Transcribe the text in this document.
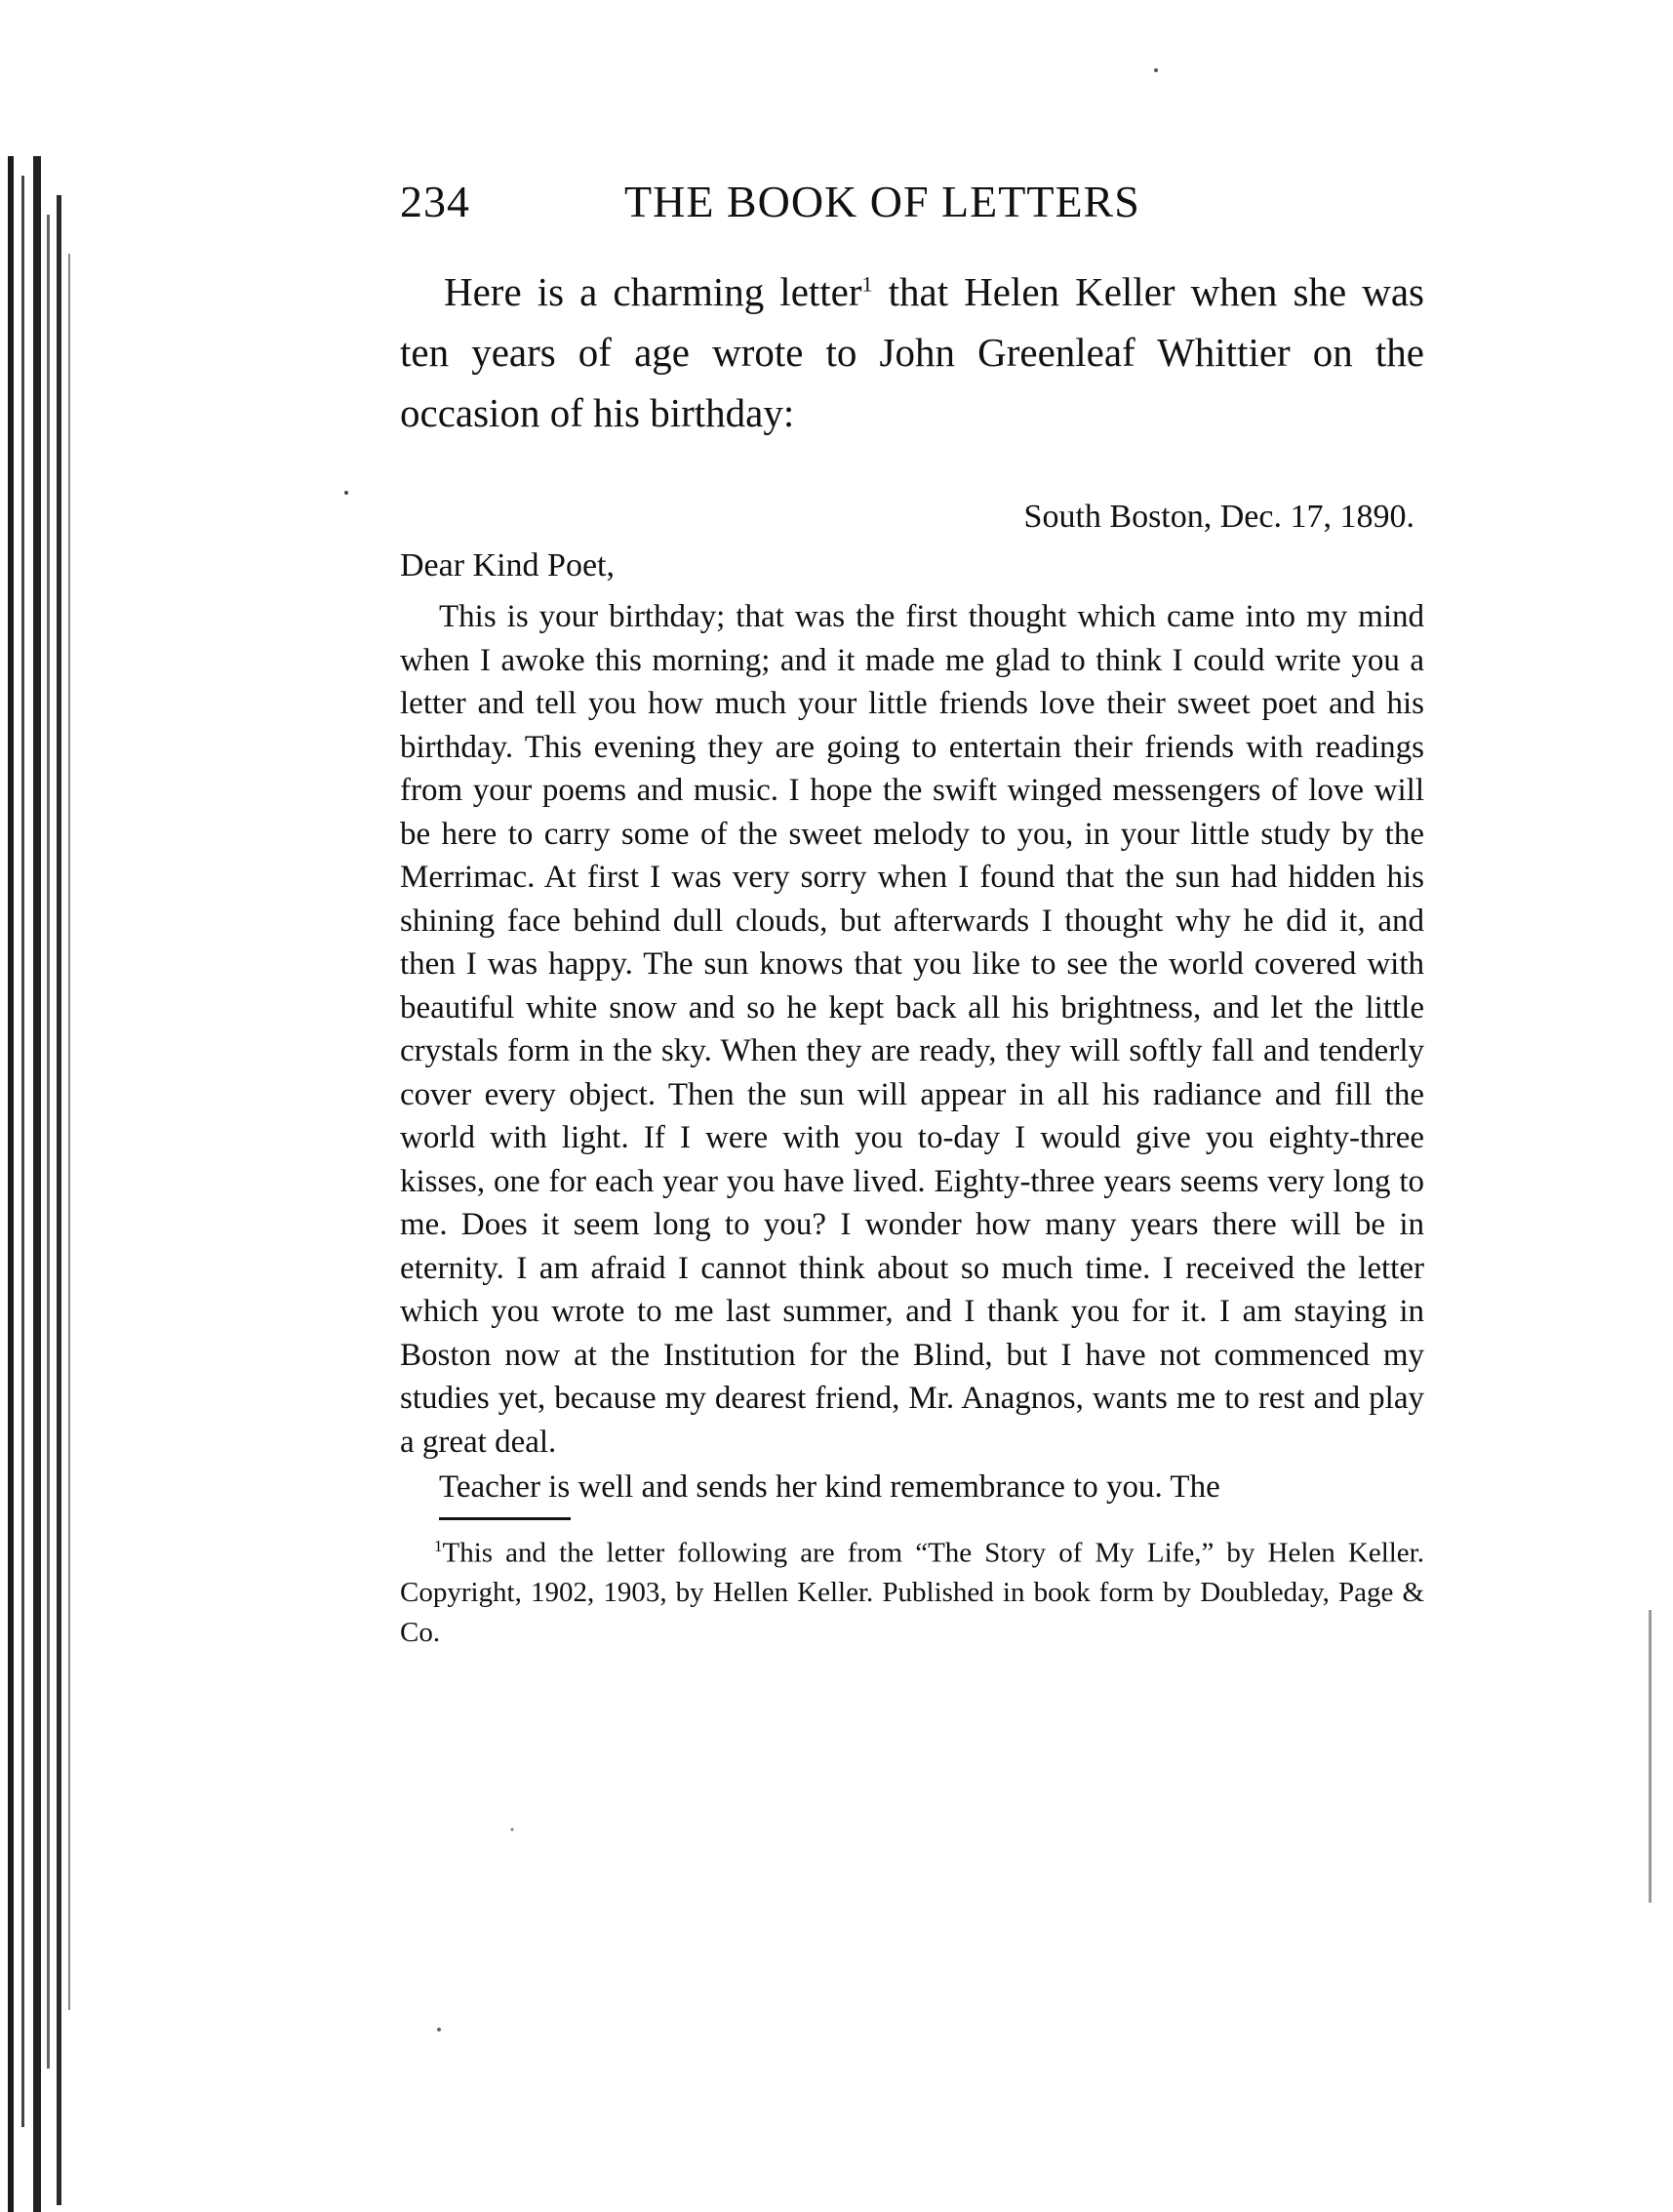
234	THE BOOK OF LETTERS

Here is a charming letter$^1$ that Helen Keller when she was ten years of age wrote to John Greenleaf Whittier on the occasion of his birthday:

South Boston, Dec. 17, 1890.
Dear Kind Poet,

This is your birthday; that was the first thought which came into my mind when I awoke this morning; and it made me glad to think I could write you a letter and tell you how much your little friends love their sweet poet and his birthday. This evening they are going to entertain their friends with readings from your poems and music. I hope the swift winged messengers of love will be here to carry some of the sweet melody to you, in your little study by the Merrimac. At first I was very sorry when I found that the sun had hidden his shining face behind dull clouds, but afterwards I thought why he did it, and then I was happy. The sun knows that you like to see the world covered with beautiful white snow and so he kept back all his brightness, and let the little crystals form in the sky. When they are ready, they will softly fall and tenderly cover every object. Then the sun will appear in all his radiance and fill the world with light. If I were with you to-day I would give you eighty-three kisses, one for each year you have lived. Eighty-three years seems very long to me. Does it seem long to you? I wonder how many years there will be in eternity. I am afraid I cannot think about so much time. I received the letter which you wrote to me last summer, and I thank you for it. I am staying in Boston now at the Institution for the Blind, but I have not commenced my studies yet, because my dearest friend, Mr. Anagnos, wants me to rest and play a great deal.

Teacher is well and sends her kind remembrance to you. The

$^1$This and the letter following are from “The Story of My Life,” by Helen Keller. Copyright, 1902, 1903, by Hellen Keller. Published in book form by Doubleday, Page & Co.
